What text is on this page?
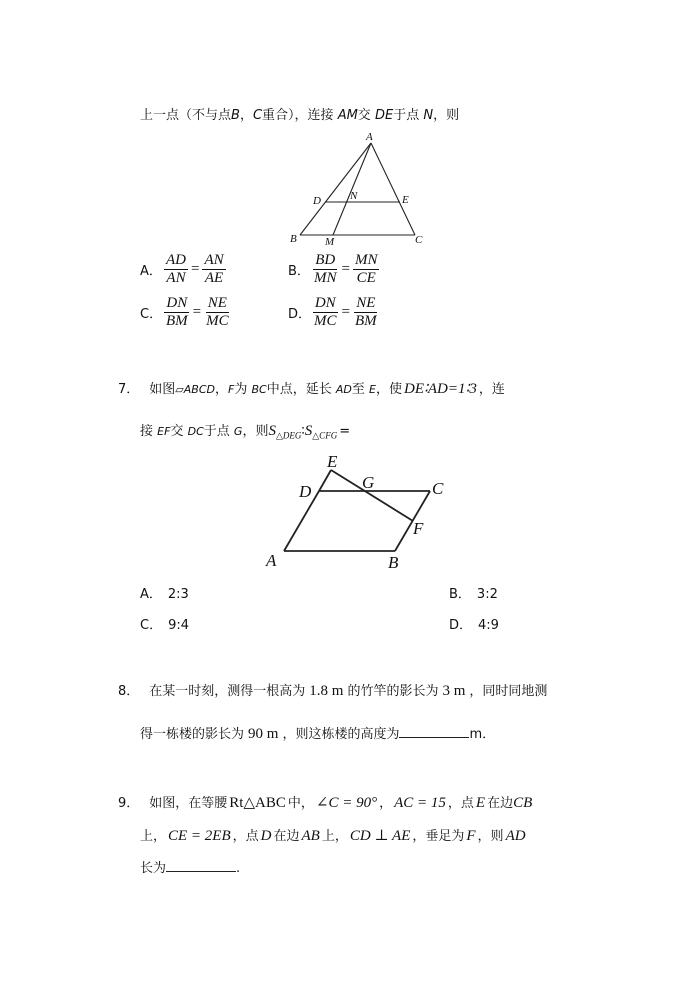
上一点（不与点B，C重合），连接 AM交 DE于点 N，则
A
B	C
D	E
M
N
A． $\frac{AD}{AN} = \frac{AN}{AE}$	B． $\frac{BD}{MN} = \frac{MN}{CE}$
C． $\frac{DN}{BM} = \frac{NE}{MC}$	D． $\frac{DN}{MC} = \frac{NE}{BM}$
7． 如图▱ABCD，F为 BC中点，延长 AD至 E，使 DE∶AD=1∶3 ，连
接 EF交 DC于点 G，则$S_{\triangle DEG}∶S_{\triangle CFG}$ =
E
D	G	C
F
A	B
A． 2:3	B． 3:2
C． 9:4	D． 4:9
8． 在某一时刻，测得一根高为 1.8 m 的竹竿的影长为 3 m ，同时同地测
得一栋楼的影长为 90 m ，则这栋楼的高度为	m．
9． 如图，在等腰 Rt△ABC 中， ∠C = 90° ， AC = 15 ，点 E 在边CB
上， CE = 2EB ，点 D 在边 AB 上， CD ⊥ AE ，垂足为 F ，则 AD
长为	.
